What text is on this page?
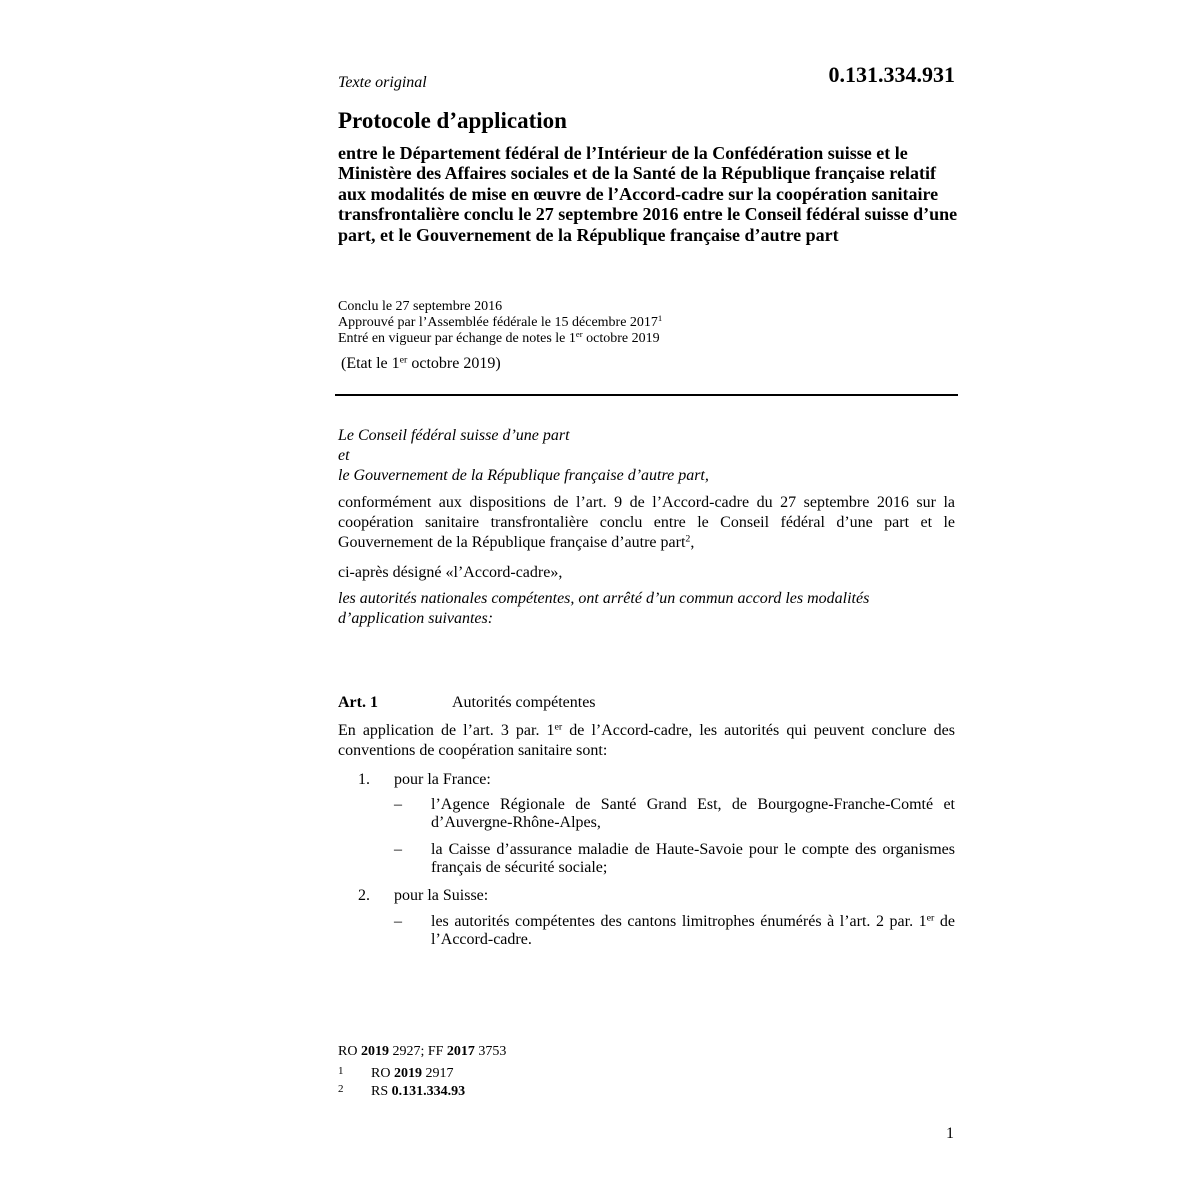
Texte original	0.131.334.931
Protocole d’application
entre le Département fédéral de l’Intérieur de la Confédération suisse et le Ministère des Affaires sociales et de la Santé de la République française relatif aux modalités de mise en œuvre de l’Accord-cadre sur la coopération sanitaire transfrontalière conclu le 27 septembre 2016 entre le Conseil fédéral suisse d’une part, et le Gouvernement de la République française d’autre part
Conclu le 27 septembre 2016
Approuvé par l’Assemblée fédérale le 15 décembre 2017$^1$
Entré en vigueur par échange de notes le 1er octobre 2019
(Etat le 1er octobre 2019)
Le Conseil fédéral suisse d’une part
et
le Gouvernement de la République française d’autre part,
conformément aux dispositions de l’art. 9 de l’Accord-cadre du 27 septembre 2016 sur la coopération sanitaire transfrontalière conclu entre le Conseil fédéral d’une part et le Gouvernement de la République française d’autre part$^2$,
ci-après désigné «l’Accord-cadre»,
les autorités nationales compétentes, ont arrêté d’un commun accord les modalités d’application suivantes:
Art. 1	Autorités compétentes
En application de l’art. 3 par. 1er de l’Accord-cadre, les autorités qui peuvent conclure des conventions de coopération sanitaire sont:
1. pour la France:
– l’Agence Régionale de Santé Grand Est, de Bourgogne-Franche-Comté et d’Auvergne-Rhône-Alpes,
– la Caisse d’assurance maladie de Haute-Savoie pour le compte des organismes français de sécurité sociale;
2. pour la Suisse:
– les autorités compétentes des cantons limitrophes énumérés à l’art. 2 par. 1er de l’Accord-cadre.
RO 2019 2927; FF 2017 3753
1 RO 2019 2917
2 RS 0.131.334.93
1
